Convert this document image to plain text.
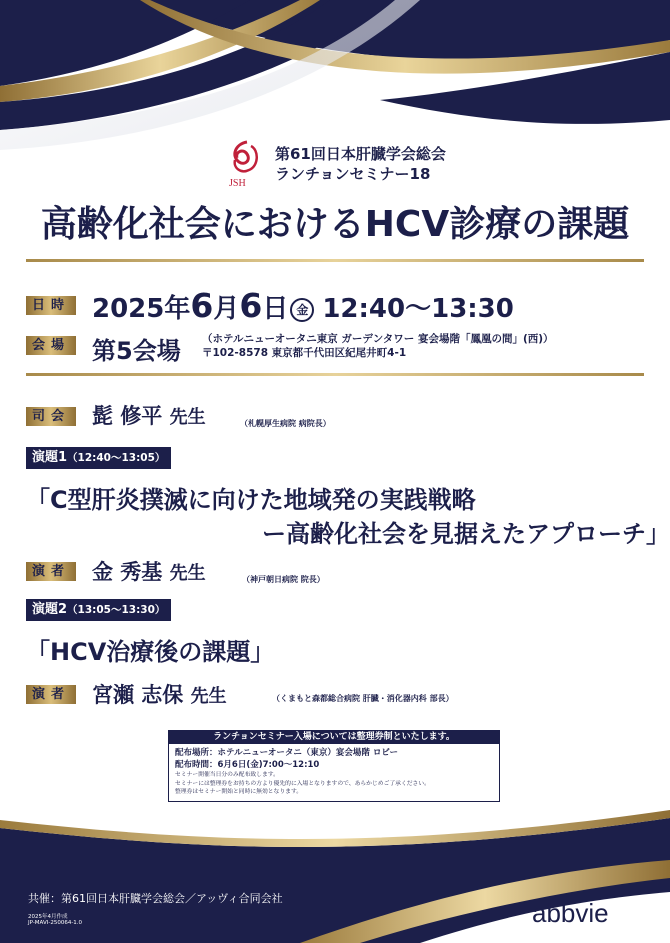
JSH
第61回日本肝臓学会総会
ランチョンセミナー18
高齢化社会におけるHCV診療の課題
日時 2025年6月6日 金 12:40～13:30
会場 第5会場 （ホテルニューオータニ東京 ガーデンタワー 宴会場階「鳳凰の間」(西)）
〒102-8578 東京都千代田区紀尾井町4-1
司会 髭 修平 先生	（札幌厚生病院 病院長）
演題1（12:40～13:05）
「C型肝炎撲滅に向けた地域発の実践戦略
ー高齢化社会を見据えたアプローチ」
演者 金 秀基 先生	（神戸朝日病院 院長）
演題2（13:05～13:30）
「HCV治療後の課題」
演者 宮瀬 志保 先生	（くまもと森都総合病院 肝臓・消化器内科 部長）
ランチョンセミナー入場については整理券制といたします。
配布場所：ホテルニューオータニ（東京）宴会場階 ロビー
配布時間：6月6日(金)7:00～12:10
セミナー開催当日分のみ配布致します。
セミナーには整理券をお持ちの方より優先的に入場となりますので、あらかじめご了承ください。
整理券はセミナー開始と同時に無効となります。
共催：第61回日本肝臓学会総会／アッヴィ合同会社
2025年4月作成
JP-MAVI-250064-1.0	abbvie
